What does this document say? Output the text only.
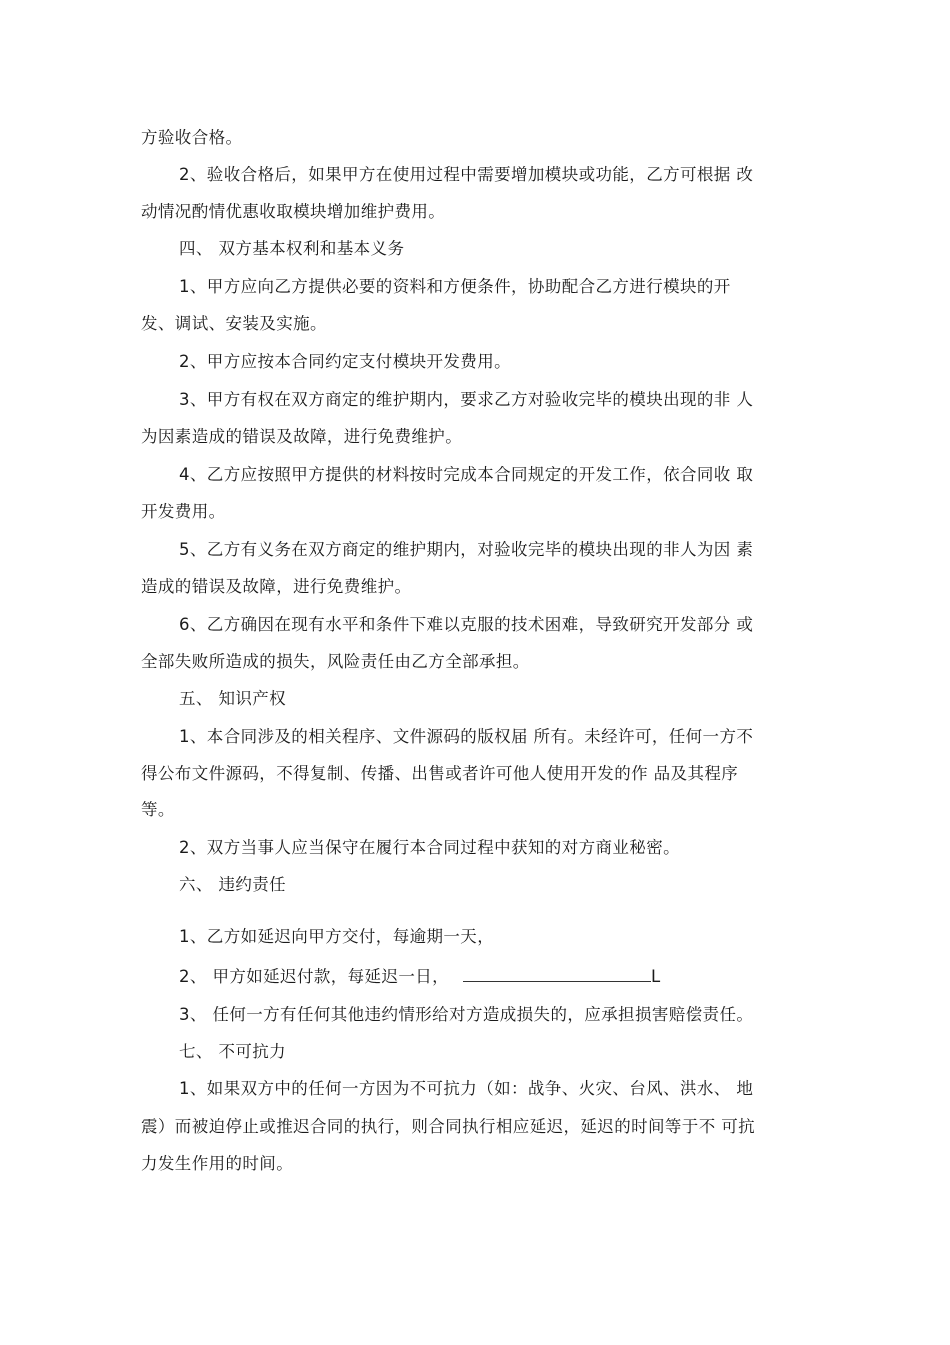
方验收合格。
2、验收合格后，如果甲方在使用过程中需要增加模块或功能，乙方可根据 改
动情况酌情优惠收取模块增加维护费用。
四、 双方基本权利和基本义务
1、甲方应向乙方提供必要的资料和方便条件，协助配合乙方进行模块的开
发、调试、安装及实施。
2、甲方应按本合同约定支付模块开发费用。
3、甲方有权在双方商定的维护期内，要求乙方对验收完毕的模块出现的非 人
为因素造成的错误及故障，进行免费维护。
4、乙方应按照甲方提供的材料按时完成本合同规定的开发工作，依合同收 取
开发费用。
5、乙方有义务在双方商定的维护期内，对验收完毕的模块出现的非人为因 素
造成的错误及故障，进行免费维护。
6、乙方确因在现有水平和条件下难以克服的技术困难，导致研究开发部分 或
全部失败所造成的损失，风险责任由乙方全部承担。
五、 知识产权
1、本合同涉及的相关程序、文件源码的版权届 所有。未经许可，任何一方不
得公布文件源码，不得复制、传播、出售或者许可他人使用开发的作 品及其程序
等。
2、双方当事人应当保守在履行本合同过程中获知的对方商业秘密。
六、 违约责任
1、乙方如延迟向甲方交付，每逾期一天，
2、 甲方如延迟付款，每延迟一日，	L
3、 任何一方有任何其他违约情形给对方造成损失的，应承担损害赔偿责任。
七、 不可抗力
1、如果双方中的任何一方因为不可抗力（如：战争、火灾、台风、洪水、 地
震）而被迫停止或推迟合同的执行，则合同执行相应延迟，延迟的时间等于不 可抗
力发生作用的时间。
